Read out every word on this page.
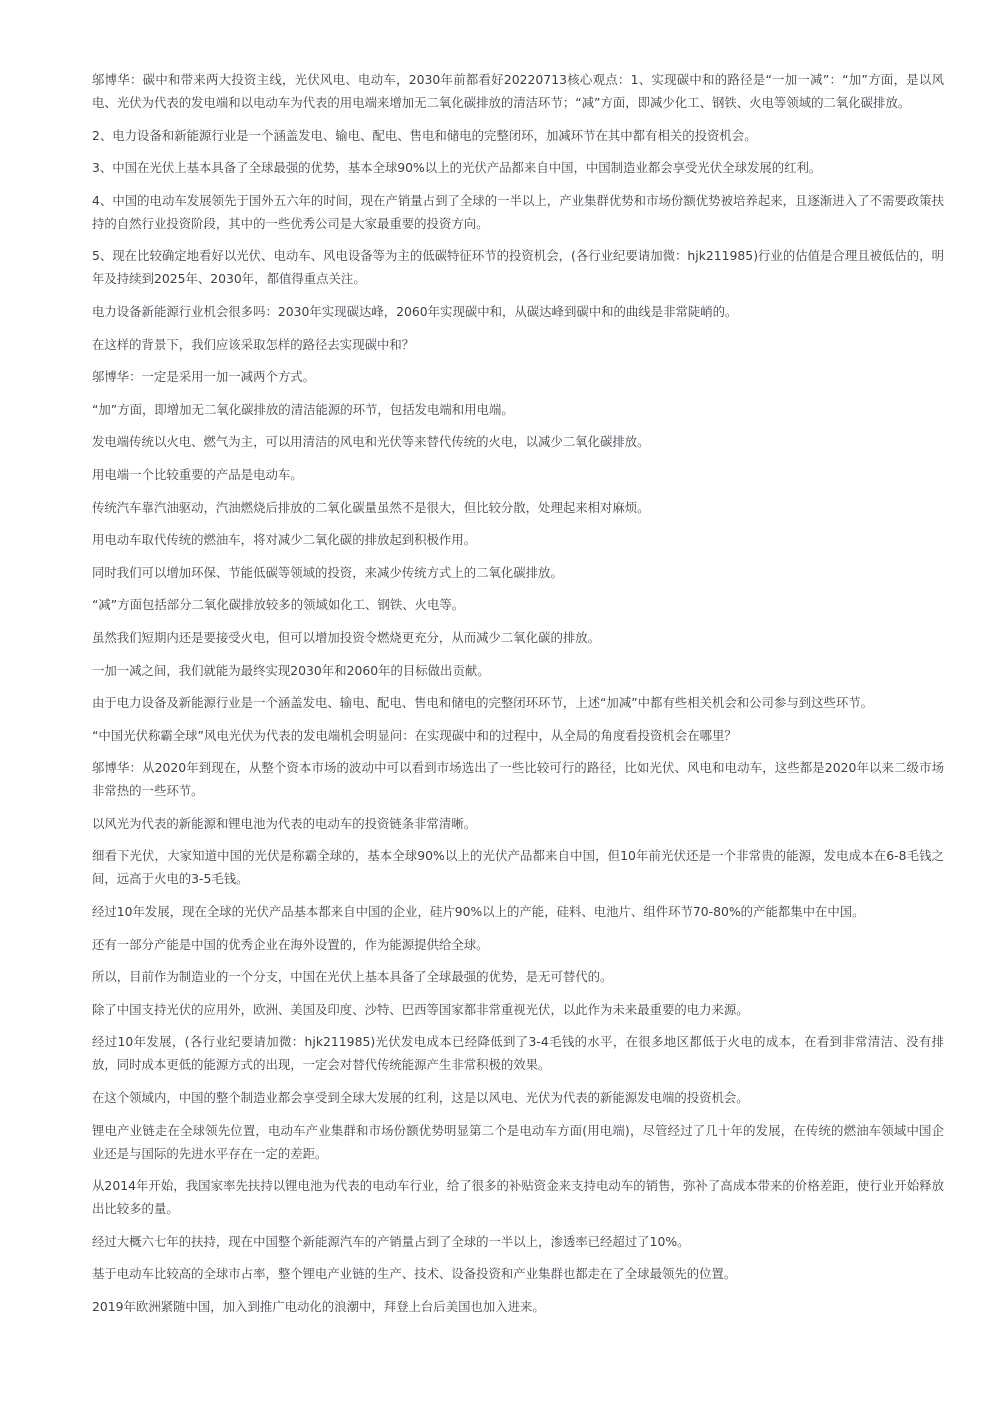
邬博华：碳中和带来两大投资主线，光伏风电、电动车，2030年前都看好20220713核心观点：1、实现碳中和的路径是“一加一减”：“加”方面，是以风电、光伏为代表的发电端和以电动车为代表的用电端来增加无二氧化碳排放的清洁环节；“减”方面，即减少化工、钢铁、火电等领域的二氧化碳排放。

2、电力设备和新能源行业是一个涵盖发电、输电、配电、售电和储电的完整闭环，加减环节在其中都有相关的投资机会。

3、中国在光伏上基本具备了全球最强的优势，基本全球90%以上的光伏产品都来自中国，中国制造业都会享受光伏全球发展的红利。

4、中国的电动车发展领先于国外五六年的时间，现在产销量占到了全球的一半以上，产业集群优势和市场份额优势被培养起来，且逐渐进入了不需要政策扶持的自然行业投资阶段，其中的一些优秀公司是大家最重要的投资方向。

5、现在比较确定地看好以光伏、电动车、风电设备等为主的低碳特征环节的投资机会，(各行业纪要请加微：hjk211985)行业的估值是合理且被低估的，明年及持续到2025年、2030年，都值得重点关注。

电力设备新能源行业机会很多吗：2030年实现碳达峰，2060年实现碳中和，从碳达峰到碳中和的曲线是非常陡峭的。

在这样的背景下，我们应该采取怎样的路径去实现碳中和？

邬博华：一定是采用一加一减两个方式。

“加”方面，即增加无二氧化碳排放的清洁能源的环节，包括发电端和用电端。

发电端传统以火电、燃气为主，可以用清洁的风电和光伏等来替代传统的火电，以减少二氧化碳排放。

用电端一个比较重要的产品是电动车。

传统汽车靠汽油驱动，汽油燃烧后排放的二氧化碳量虽然不是很大，但比较分散，处理起来相对麻烦。

用电动车取代传统的燃油车，将对减少二氧化碳的排放起到积极作用。

同时我们可以增加环保、节能低碳等领域的投资，来减少传统方式上的二氧化碳排放。

“减”方面包括部分二氧化碳排放较多的领域如化工、钢铁、火电等。

虽然我们短期内还是要接受火电，但可以增加投资令燃烧更充分，从而减少二氧化碳的排放。

一加一减之间，我们就能为最终实现2030年和2060年的目标做出贡献。

由于电力设备及新能源行业是一个涵盖发电、输电、配电、售电和储电的完整闭环环节，上述“加减”中都有些相关机会和公司参与到这些环节。

“中国光伏称霸全球”风电光伏为代表的发电端机会明显问：在实现碳中和的过程中，从全局的角度看投资机会在哪里？

邬博华：从2020年到现在，从整个资本市场的波动中可以看到市场选出了一些比较可行的路径，比如光伏、风电和电动车，这些都是2020年以来二级市场非常热的一些环节。

以风光为代表的新能源和锂电池为代表的电动车的投资链条非常清晰。

细看下光伏，大家知道中国的光伏是称霸全球的，基本全球90%以上的光伏产品都来自中国，但10年前光伏还是一个非常贵的能源，发电成本在6-8毛钱之间，远高于火电的3-5毛钱。

经过10年发展，现在全球的光伏产品基本都来自中国的企业，硅片90%以上的产能，硅料、电池片、组件环节70-80%的产能都集中在中国。

还有一部分产能是中国的优秀企业在海外设置的，作为能源提供给全球。

所以，目前作为制造业的一个分支，中国在光伏上基本具备了全球最强的优势，是无可替代的。

除了中国支持光伏的应用外，欧洲、美国及印度、沙特、巴西等国家都非常重视光伏，以此作为未来最重要的电力来源。

经过10年发展，(各行业纪要请加微：hjk211985)光伏发电成本已经降低到了3-4毛钱的水平，在很多地区都低于火电的成本，在看到非常清洁、没有排放，同时成本更低的能源方式的出现，一定会对替代传统能源产生非常积极的效果。

在这个领域内，中国的整个制造业都会享受到全球大发展的红利，这是以风电、光伏为代表的新能源发电端的投资机会。

锂电产业链走在全球领先位置，电动车产业集群和市场份额优势明显第二个是电动车方面(用电端)，尽管经过了几十年的发展，在传统的燃油车领域中国企业还是与国际的先进水平存在一定的差距。

从2014年开始，我国家率先扶持以锂电池为代表的电动车行业，给了很多的补贴资金来支持电动车的销售，弥补了高成本带来的价格差距，使行业开始释放出比较多的量。

经过大概六七年的扶持，现在中国整个新能源汽车的产销量占到了全球的一半以上，渗透率已经超过了10%。

基于电动车比较高的全球市占率，整个锂电产业链的生产、技术、设备投资和产业集群也都走在了全球最领先的位置。

2019年欧洲紧随中国，加入到推广电动化的浪潮中，拜登上台后美国也加入进来。
